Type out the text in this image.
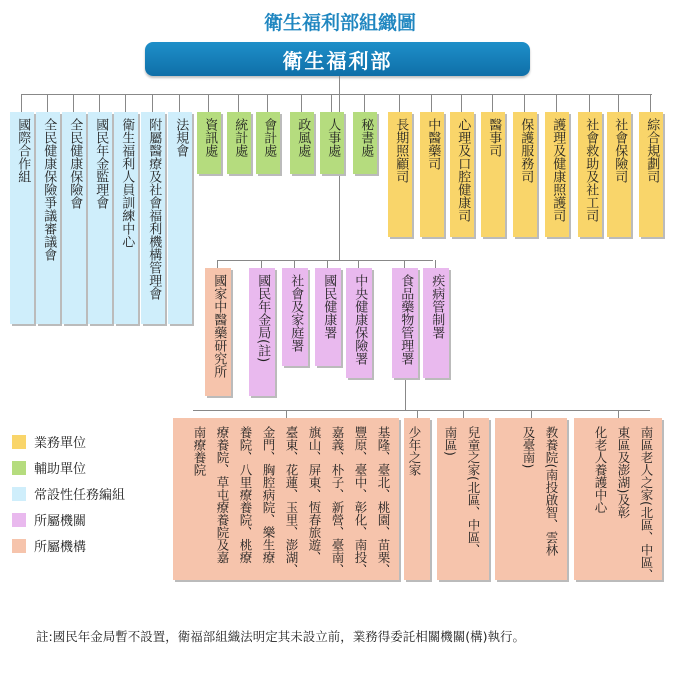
衛生福利部組織圖
衛生福利部
國際合作組 全民健康保險爭議審議會 全民健康保險會 國民年金監理會 衛生福利人員訓練中心 附屬醫療及社會福利機構管理會 法規會 資訊處 統計處 會計處 政風處 人事處 秘書處 長期照顧司 中醫藥司 心理及口腔健康司 醫事司 保護服務司 護理及健康照護司 社會救助及社工司 社會保險司 綜合規劃司
國家中醫藥研究所 國民年金局(註) 社會及家庭署 國民健康署 中央健康保險署 食品藥物管理署 疾病管制署
南區老人之家(北區、中區、
東區及澎湖)及彰
化老人養護中心
教養院(南投啟智、雲林
及臺南)
兒童之家(北區、中區、
南區)
少年之家
基隆、臺北、桃園、苗栗、
豐原、臺中、彰化、南投、
嘉義、朴子、新營、臺南、
旗山、屏東、恆春旅遊、
臺東、花蓮、玉里、澎湖、
金門、胸腔病院、樂生療
養院、八里療養院、桃療
療養院、草屯療養院及嘉
南療養院
業務單位
輔助單位
常設性任務編組
所屬機關
所屬機構
註:國民年金局暫不設置，衛福部組織法明定其未設立前，業務得委託相關機關(構)執行。
